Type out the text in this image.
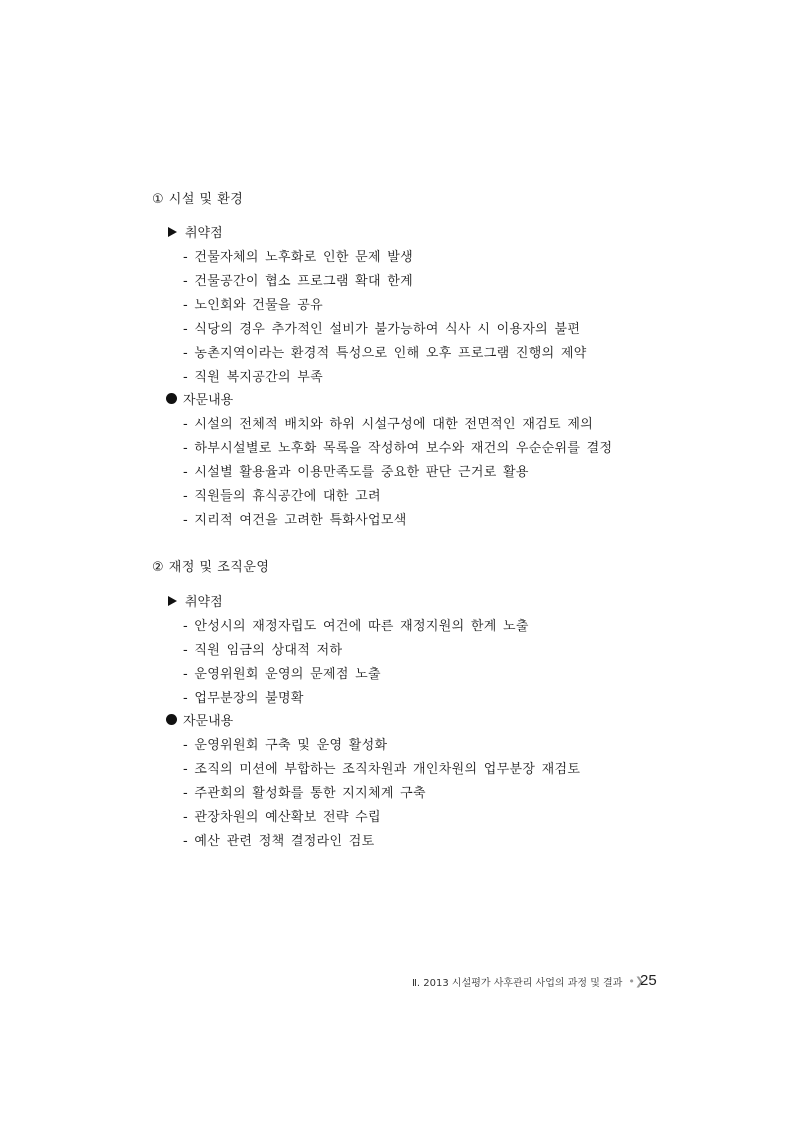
① 시설 및 환경
취약점
- 건물자체의 노후화로 인한 문제 발생
- 건물공간이 협소 프로그램 확대 한계
- 노인회와 건물을 공유
- 식당의 경우 추가적인 설비가 불가능하여 식사 시 이용자의 불편
- 농촌지역이라는 환경적 특성으로 인해 오후 프로그램 진행의 제약
- 직원 복지공간의 부족
자문내용
- 시설의 전체적 배치와 하위 시설구성에 대한 전면적인 재검토 제의
- 하부시설별로 노후화 목록을 작성하여 보수와 재건의 우순순위를 결정
- 시설별 활용율과 이용만족도를 중요한 판단 근거로 활용
- 직원들의 휴식공간에 대한 고려
- 지리적 여건을 고려한 특화사업모색
② 재정 및 조직운영
취약점
- 안성시의 재정자립도 여건에 따른 재정지원의 한계 노출
- 직원 임금의 상대적 저하
- 운영위원회 운영의 문제점 노출
- 업무분장의 불명확
자문내용
- 운영위원회 구축 및 운영 활성화
- 조직의 미션에 부합하는 조직차원과 개인차원의 업무분장 재검토
- 주관회의 활성화를 통한 지지체계 구축
- 관장차원의 예산확보 전략 수립
- 예산 관련 정책 결정라인 검토
Ⅱ. 2013 시설평가 사후관리 사업의 과정 및 결과 •❯
25
